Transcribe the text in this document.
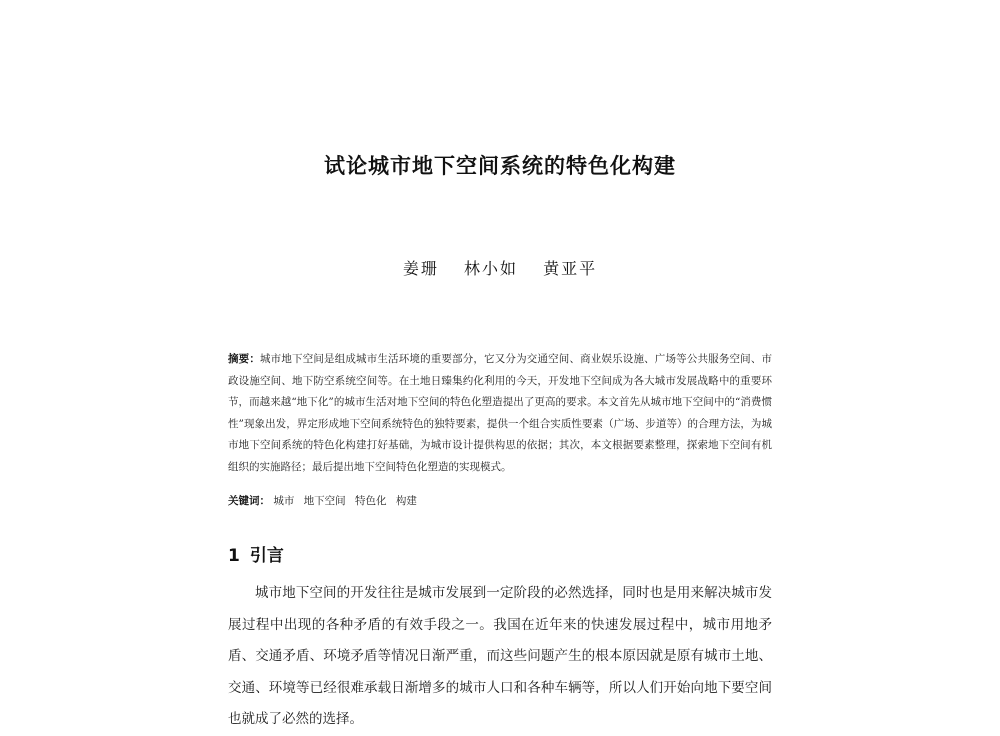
试论城市地下空间系统的特色化构建
姜珊 林小如 黄亚平
摘要：城市地下空间是组成城市生活环境的重要部分，它又分为交通空间、商业娱乐设施、广场等公共服务空间、市政设施空间、地下防空系统空间等。在土地日臻集约化利用的今天，开发地下空间成为各大城市发展战略中的重要环节，而越来越“地下化”的城市生活对地下空间的特色化塑造提出了更高的要求。本文首先从城市地下空间中的“消费惯性”现象出发，界定形成地下空间系统特色的独特要素，提供一个组合实质性要素（广场、步道等）的合理方法，为城市地下空间系统的特色化构建打好基础，为城市设计提供构思的依据；其次，本文根据要素整理，探索地下空间有机组织的实施路径；最后提出地下空间特色化塑造的实现模式。
关键词： 城市 地下空间 特色化 构建
1 引言
城市地下空间的开发往往是城市发展到一定阶段的必然选择，同时也是用来解决城市发展过程中出现的各种矛盾的有效手段之一。我国在近年来的快速发展过程中，城市用地矛盾、交通矛盾、环境矛盾等情况日渐严重，而这些问题产生的根本原因就是原有城市土地、交通、环境等已经很难承载日渐增多的城市人口和各种车辆等，所以人们开始向地下要空间也就成了必然的选择。
